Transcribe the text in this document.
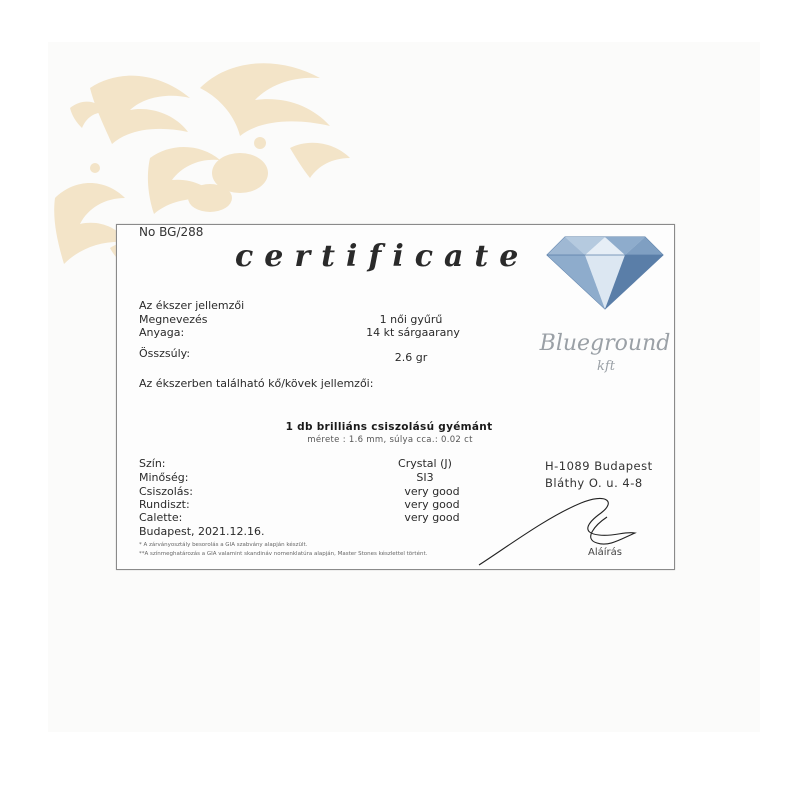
No BG/288
certificate
Az ékszer jellemzői
Megnevezés	1 női gyűrű
Anyaga:	14 kt sárgaarany
Összsúly:	2.6 gr
Az ékszerben található kő/kövek jellemzői:
1 db brilliáns csiszolású gyémánt
mérete : 1.6 mm, súlya cca.: 0.02 ct
Szín:	Crystal (J)
Minőség:	SI3
Csiszolás:	very good
Rundiszt:	very good
Calette:	very good
Budapest, 2021.12.16.
* A zárványosztály besorolás a GIA szabvány alapján készült.
**A színmeghatározás a GIA valamint skandináv nomenklatúra alapján, Master Stones készlettel történt.
Blueground
kft
H-1089 Budapest
Bláthy O. u. 4-8
Aláírás
